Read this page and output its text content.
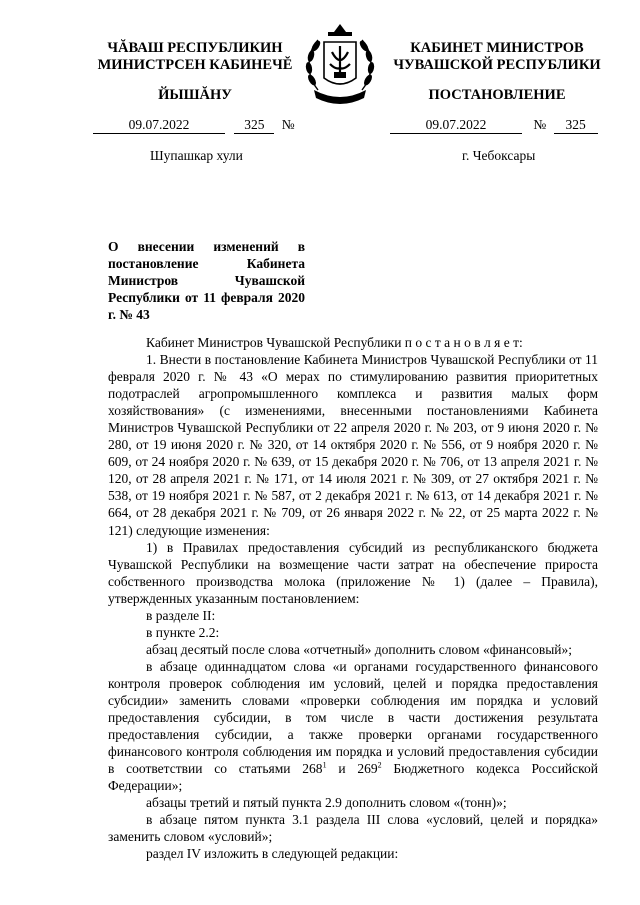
ЧĂВАШ РЕСПУБЛИКИН
МИНИСТРСЕН КАБИНЕЧĔ
ЙЫШĂНУ
КАБИНЕТ МИНИСТРОВ
ЧУВАШСКОЙ РЕСПУБЛИКИ
ПОСТАНОВЛЕНИЕ
09.07.2022	325 №	09.07.2022	№ 325
Шупашкар хули	г. Чебоксары
О внесении изменений в постановление Кабинета Министров Чувашской Республики от 11 февраля 2020 г. № 43

Кабинет Министров Чувашской Республики п о с т а н о в л я е т:

1. Внести в постановление Кабинета Министров Чувашской Республики от 11 февраля 2020 г. № 43 «О мерах по стимулированию развития приоритетных подотраслей агропромышленного комплекса и развития малых форм хозяйствования» (с изменениями, внесенными постановлениями Кабинета Министров Чувашской Республики от 22 апреля 2020 г. № 203, от 9 июня 2020 г. № 280, от 19 июня 2020 г. № 320, от 14 октября 2020 г. № 556, от 9 ноября 2020 г. № 609, от 24 ноября 2020 г. № 639, от 15 декабря 2020 г. № 706, от 13 апреля 2021 г. № 120, от 28 апреля 2021 г. № 171, от 14 июля 2021 г. № 309, от 27 октября 2021 г. № 538, от 19 ноября 2021 г. № 587, от 2 декабря 2021 г. № 613, от 14 декабря 2021 г. № 664, от 28 декабря 2021 г. № 709, от 26 января 2022 г. № 22, от 25 марта 2022 г. № 121) следующие изменения:

1) в Правилах предоставления субсидий из республиканского бюджета Чувашской Республики на возмещение части затрат на обеспечение прироста собственного производства молока (приложение № 1) (далее – Правила), утвержденных указанным постановлением:

в разделе II:

в пункте 2.2:

абзац десятый после слова «отчетный» дополнить словом «финансовый»;

в абзаце одиннадцатом слова «и органами государственного финансового контроля проверок соблюдения им условий, целей и порядка предоставления субсидии» заменить словами «проверки соблюдения им порядка и условий предоставления субсидии, в том числе в части достижения результата предоставления субсидии, а также проверки органами государственного финансового контроля соблюдения им порядка и условий предоставления субсидии в соответствии со статьями $268^1$ и $269^2$ Бюджетного кодекса Российской Федерации»;

абзацы третий и пятый пункта 2.9 дополнить словом «(тонн)»;

в абзаце пятом пункта 3.1 раздела III слова «условий, целей и порядка» заменить словом «условий»;

раздел IV изложить в следующей редакции:
